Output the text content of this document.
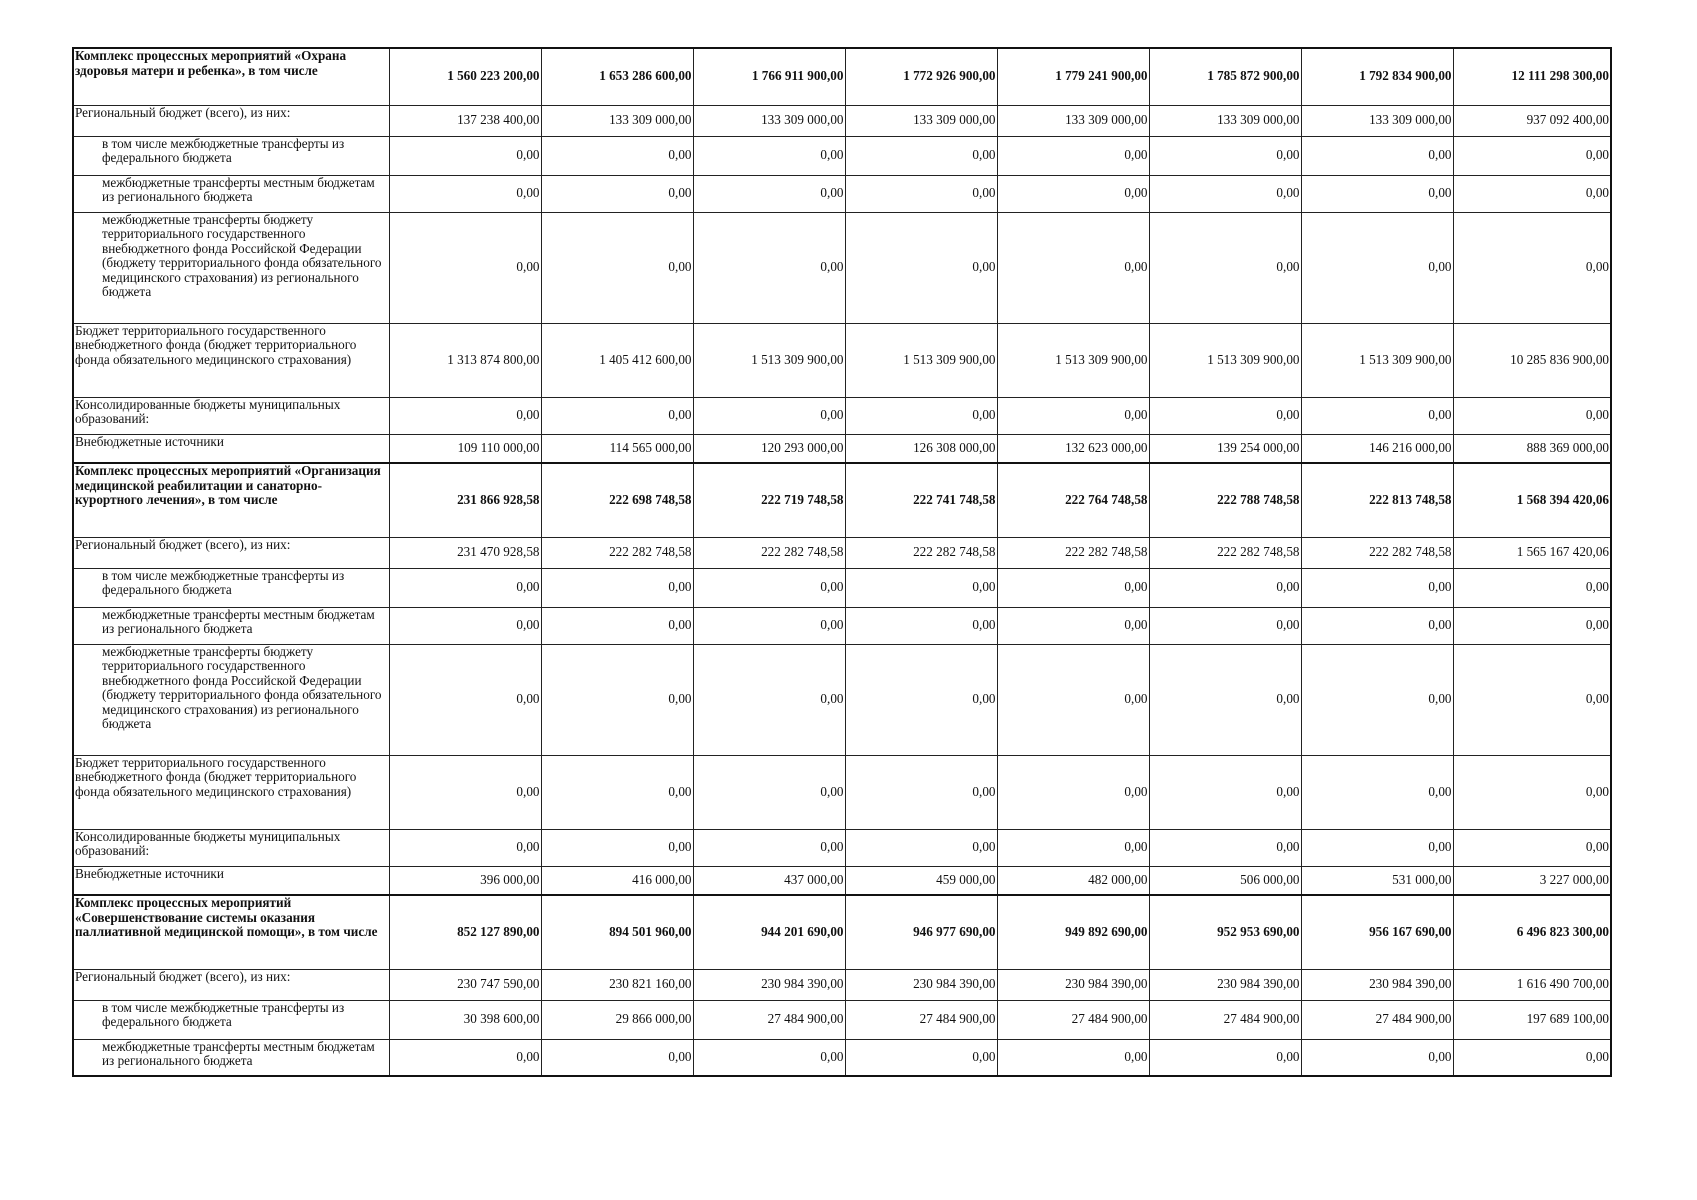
Комплекс процессных мероприятий «Охрана здоровья матери и ребенка», в том числе	1 560 223 200,00	1 653 286 600,00	1 766 911 900,00	1 772 926 900,00	1 779 241 900,00	1 785 872 900,00	1 792 834 900,00	12 111 298 300,00
Региональный бюджет (всего), из них:	137 238 400,00	133 309 000,00	133 309 000,00	133 309 000,00	133 309 000,00	133 309 000,00	133 309 000,00	937 092 400,00
в том числе межбюджетные трансферты из федерального бюджета	0,00	0,00	0,00	0,00	0,00	0,00	0,00	0,00
межбюджетные трансферты местным бюджетам из регионального бюджета	0,00	0,00	0,00	0,00	0,00	0,00	0,00	0,00
межбюджетные трансферты бюджету территориального государственного внебюджетного фонда Российской Федерации (бюджету территориального фонда обязательного медицинского страхования) из регионального бюджета	0,00	0,00	0,00	0,00	0,00	0,00	0,00	0,00
Бюджет территориального государственного внебюджетного фонда (бюджет территориального фонда обязательного медицинского страхования)	1 313 874 800,00	1 405 412 600,00	1 513 309 900,00	1 513 309 900,00	1 513 309 900,00	1 513 309 900,00	1 513 309 900,00	10 285 836 900,00
Консолидированные бюджеты муниципальных образований:	0,00	0,00	0,00	0,00	0,00	0,00	0,00	0,00
Внебюджетные источники	109 110 000,00	114 565 000,00	120 293 000,00	126 308 000,00	132 623 000,00	139 254 000,00	146 216 000,00	888 369 000,00
Комплекс процессных мероприятий «Организация медицинской реабилитации и санаторно-курортного лечения», в том числе	231 866 928,58	222 698 748,58	222 719 748,58	222 741 748,58	222 764 748,58	222 788 748,58	222 813 748,58	1 568 394 420,06
Региональный бюджет (всего), из них:	231 470 928,58	222 282 748,58	222 282 748,58	222 282 748,58	222 282 748,58	222 282 748,58	222 282 748,58	1 565 167 420,06
в том числе межбюджетные трансферты из федерального бюджета	0,00	0,00	0,00	0,00	0,00	0,00	0,00	0,00
межбюджетные трансферты местным бюджетам из регионального бюджета	0,00	0,00	0,00	0,00	0,00	0,00	0,00	0,00
межбюджетные трансферты бюджету территориального государственного внебюджетного фонда Российской Федерации (бюджету территориального фонда обязательного медицинского страхования) из регионального бюджета	0,00	0,00	0,00	0,00	0,00	0,00	0,00	0,00
Бюджет территориального государственного внебюджетного фонда (бюджет территориального фонда обязательного медицинского страхования)	0,00	0,00	0,00	0,00	0,00	0,00	0,00	0,00
Консолидированные бюджеты муниципальных образований:	0,00	0,00	0,00	0,00	0,00	0,00	0,00	0,00
Внебюджетные источники	396 000,00	416 000,00	437 000,00	459 000,00	482 000,00	506 000,00	531 000,00	3 227 000,00
Комплекс процессных мероприятий «Совершенствование системы оказания паллиативной медицинской помощи», в том числе	852 127 890,00	894 501 960,00	944 201 690,00	946 977 690,00	949 892 690,00	952 953 690,00	956 167 690,00	6 496 823 300,00
Региональный бюджет (всего), из них:	230 747 590,00	230 821 160,00	230 984 390,00	230 984 390,00	230 984 390,00	230 984 390,00	230 984 390,00	1 616 490 700,00
в том числе межбюджетные трансферты из федерального бюджета	30 398 600,00	29 866 000,00	27 484 900,00	27 484 900,00	27 484 900,00	27 484 900,00	27 484 900,00	197 689 100,00
межбюджетные трансферты местным бюджетам из регионального бюджета	0,00	0,00	0,00	0,00	0,00	0,00	0,00	0,00
